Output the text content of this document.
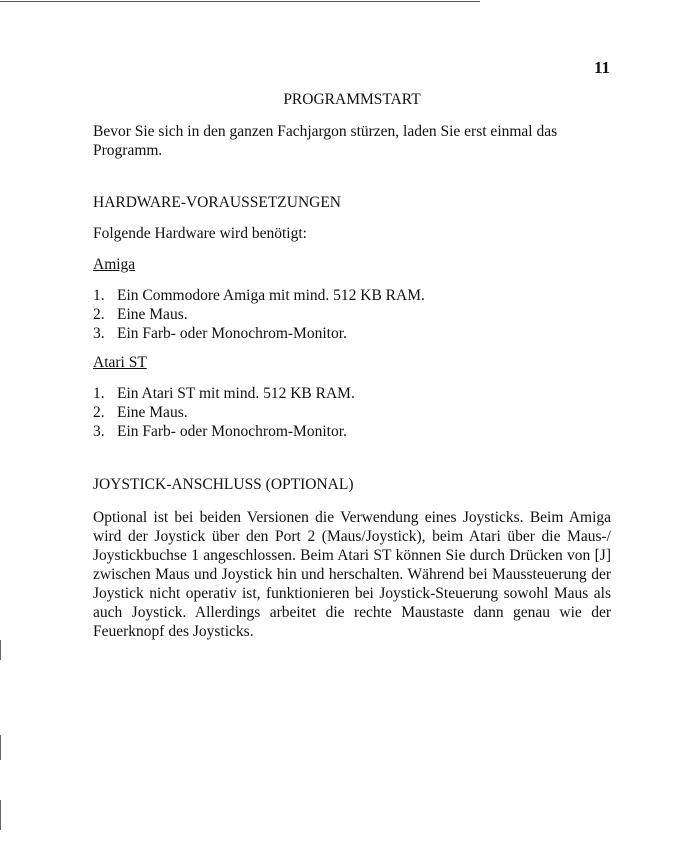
11
PROGRAMMSTART

Bevor Sie sich in den ganzen Fachjargon stürzen, laden Sie erst einmal das Programm.

HARDWARE-VORAUSSETZUNGEN

Folgende Hardware wird benötigt:

Amiga

1. Ein Commodore Amiga mit mind. 512 KB RAM.
2. Eine Maus.
3. Ein Farb- oder Monochrom-Monitor.

Atari ST

1. Ein Atari ST mit mind. 512 KB RAM.
2. Eine Maus.
3. Ein Farb- oder Monochrom-Monitor.
JOYSTICK-ANSCHLUSS (OPTIONAL)

Optional ist bei beiden Versionen die Verwendung eines Joysticks. Beim Amiga wird der Joystick über den Port 2 (Maus/Joystick), beim Atari über die Maus-/ Joystickbuchse 1 angeschlossen. Beim Atari ST können Sie durch Drücken von [J] zwischen Maus und Joystick hin und herschalten. Während bei Maussteuerung der Joystick nicht operativ ist, funktionieren bei Joystick-Steuerung sowohl Maus als auch Joystick. Allerdings arbeitet die rechte Maustaste dann genau wie der Feuerknopf des Joysticks.
